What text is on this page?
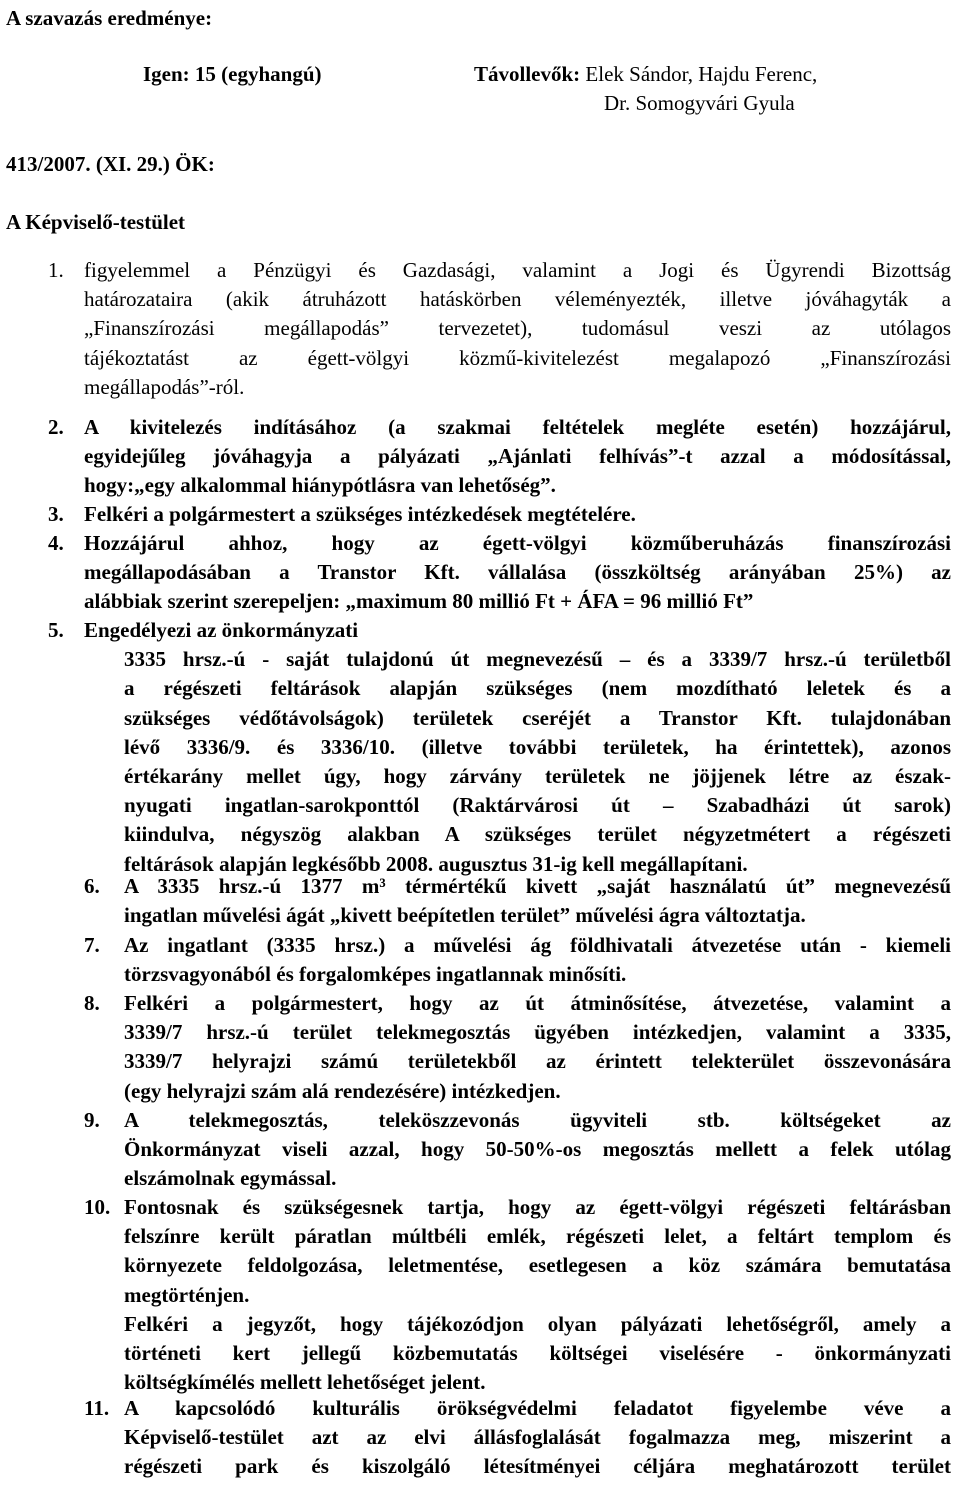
A szavazás eredménye:
Igen: 15 (egyhangú)	Távollevők: Elek Sándor, Hajdu Ferenc,
Dr. Somogyvári Gyula
413/2007. (XI. 29.) ÖK:
A Képviselő-testület
1. figyelemmel a Pénzügyi és Gazdasági, valamint a Jogi és Ügyrendi Bizottság
határozataira (akik átruházott hatáskörben véleményezték, illetve jóváhagyták a
„Finanszírozási megállapodás” tervezetet), tudomásul veszi az utólagos
tájékoztatást az égett-völgyi közmű-kivitelezést megalapozó „Finanszírozási
megállapodás”-ról.
2. A kivitelezés indításához (a szakmai feltételek megléte esetén) hozzájárul,
egyidejűleg jóváhagyja a pályázati „Ajánlati felhívás”-t azzal a módosítással,
hogy:„egy alkalommal hiánypótlásra van lehetőség”.
3. Felkéri a polgármestert a szükséges intézkedések megtételére.
4. Hozzájárul ahhoz, hogy az égett-völgyi közműberuházás finanszírozási
megállapodásában a Transtor Kft. vállalása (összköltség arányában 25%) az
alábbiak szerint szerepeljen: „maximum 80 millió Ft + ÁFA = 96 millió Ft”
5. Engedélyezi az önkormányzati
3335 hrsz.-ú - saját tulajdonú út megnevezésű – és a 3339/7 hrsz.-ú területből
a régészeti feltárások alapján szükséges (nem mozdítható leletek és a
szükséges védőtávolságok) területek cseréjét a Transtor Kft. tulajdonában
lévő 3336/9. és 3336/10. (illetve további területek, ha érintettek), azonos
értékarány mellet úgy, hogy zárvány területek ne jöjjenek létre az észak-
nyugati ingatlan-sarokponttól (Raktárvárosi út – Szabadházi út sarok)
kiindulva, négyszög alakban A szükséges terület négyzetmétert a régészeti
feltárások alapján legkésőbb 2008. augusztus 31-ig kell megállapítani.
6. A 3335 hrsz.-ú 1377 m³ térmértékű kivett „saját használatú út” megnevezésű
ingatlan művelési ágát „kivett beépítetlen terület” művelési ágra változtatja.
7. Az ingatlant (3335 hrsz.) a művelési ág földhivatali átvezetése után - kiemeli
törzsvagyonából és forgalomképes ingatlannak minősíti.
8. Felkéri a polgármestert, hogy az út átminősítése, átvezetése, valamint a
3339/7 hrsz.-ú terület telekmegosztás ügyében intézkedjen, valamint a 3335,
3339/7 helyrajzi számú területekből az érintett telekterület összevonására
(egy helyrajzi szám alá rendezésére) intézkedjen.
9. A telekmegosztás, teleköszzevonás ügyviteli stb. költségeket az
Önkormányzat viseli azzal, hogy 50-50%-os megosztás mellett a felek utólag
elszámolnak egymással.
10. Fontosnak és szükségesnek tartja, hogy az égett-völgyi régészeti feltárásban
felszínre került páratlan múltbéli emlék, régészeti lelet, a feltárt templom és
környezete feldolgozása, leletmentése, esetlegesen a köz számára bemutatása
megtörténjen.
Felkéri a jegyzőt, hogy tájékozódjon olyan pályázati lehetőségről, amely a
történeti kert jellegű közbemutatás költségei viselésére - önkormányzati
költségkímélés mellett lehetőséget jelent.
11. A kapcsolódó kulturális örökségvédelmi feladatot figyelembe véve a
Képviselő-testület azt az elvi állásfoglalását fogalmazza meg, miszerint a
régészeti park és kiszolgáló létesítményei céljára meghatározott terület
